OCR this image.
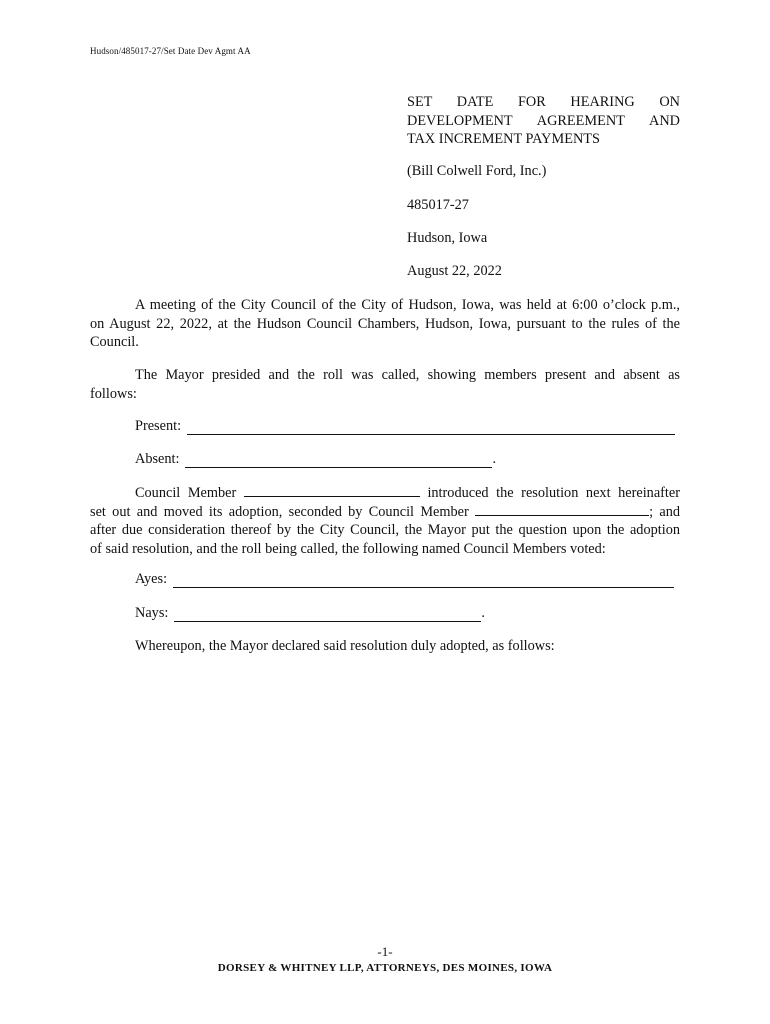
Hudson/485017-27/Set Date Dev Agmt AA
SET DATE FOR HEARING ON
DEVELOPMENT AGREEMENT AND
TAX INCREMENT PAYMENTS
(Bill Colwell Ford, Inc.)
485017-27
Hudson, Iowa
August 22, 2022
A meeting of the City Council of the City of Hudson, Iowa, was held at 6:00 o’clock p.m.,
on August 22, 2022, at the Hudson Council Chambers, Hudson, Iowa, pursuant to the rules of the
Council.
The Mayor presided and the roll was called, showing members present and absent as
follows:
Present:
Absent:	.
Council Member	introduced the resolution next hereinafter
set out and moved its adoption, seconded by Council Member	; and
after due consideration thereof by the City Council, the Mayor put the question upon the adoption
of said resolution, and the roll being called, the following named Council Members voted:
Ayes:
Nays:	.
Whereupon, the Mayor declared said resolution duly adopted, as follows:
-1-
DORSEY & WHITNEY LLP, ATTORNEYS, DES MOINES, IOWA
